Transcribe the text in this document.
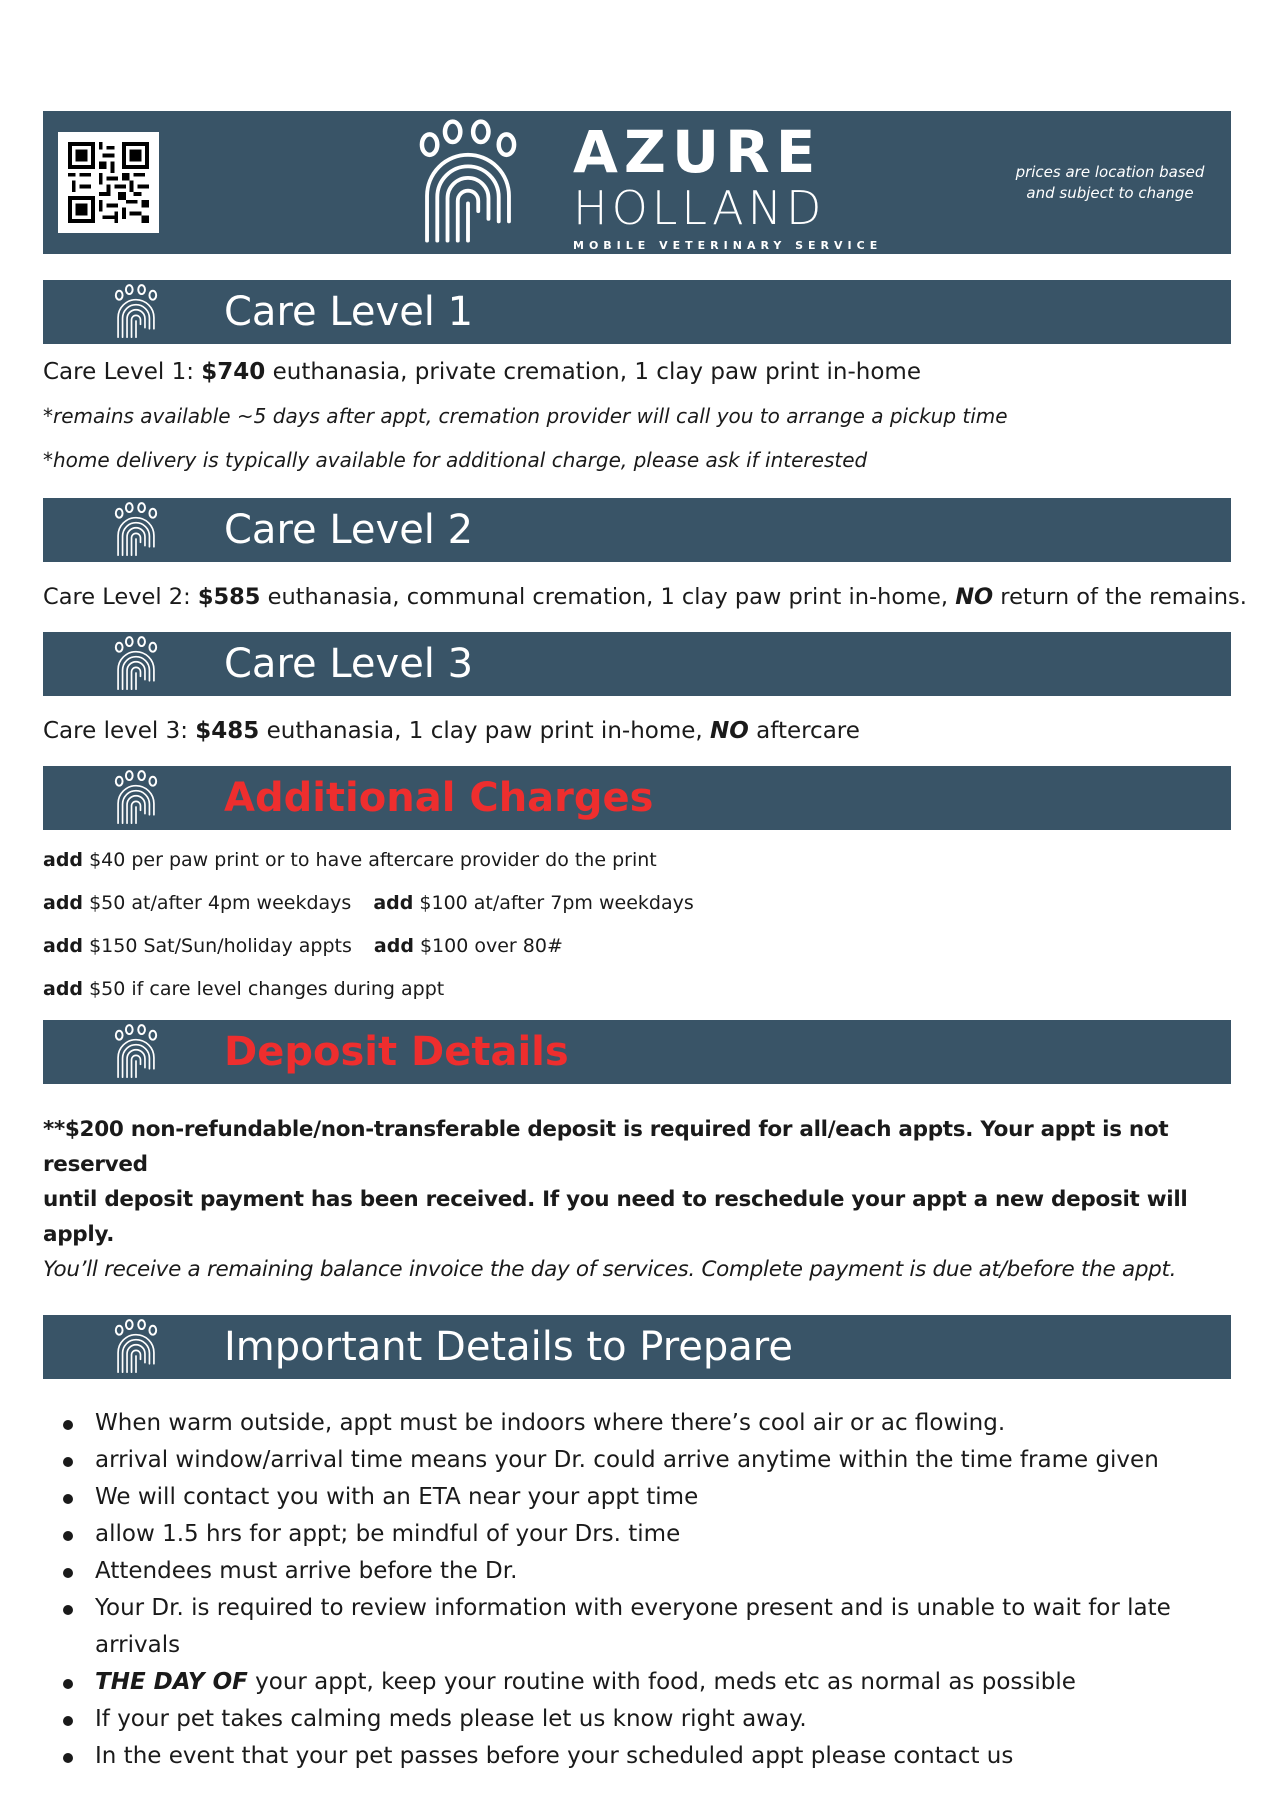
AZURE
HOLLAND
MOBILE VETERINARY SERVICE
prices are location based
and subject to change
Care Level 1
Care Level 1: $740 euthanasia, private cremation, 1 clay paw print in-home
*remains available ~5 days after appt, cremation provider will call you to arrange a pickup time
*home delivery is typically available for additional charge, please ask if interested
Care Level 2
Care Level 2: $585 euthanasia, communal cremation, 1 clay paw print in-home, NO return of the remains.
Care Level 3
Care level 3: $485 euthanasia, 1 clay paw print in-home, NO aftercare
Additional Charges
add $40 per paw print or to have aftercare provider do the print
add $50 at/after 4pm weekdays add $100 at/after 7pm weekdays
add $150 Sat/Sun/holiday appts add $100 over 80#
add $50 if care level changes during appt
Deposit Details
**$200 non-refundable/non-transferable deposit is required for all/each appts. Your appt is not reserved
until deposit payment has been received. If you need to reschedule your appt a new deposit will apply.
You’ll receive a remaining balance invoice the day of services. Complete payment is due at/before the appt.
Important Details to Prepare
When warm outside, appt must be indoors where there’s cool air or ac flowing.
arrival window/arrival time means your Dr. could arrive anytime within the time frame given
We will contact you with an ETA near your appt time
allow 1.5 hrs for appt; be mindful of your Drs. time
Attendees must arrive before the Dr.
Your Dr. is required to review information with everyone present and is unable to wait for late arrivals
THE DAY OF your appt, keep your routine with food, meds etc as normal as possible
If your pet takes calming meds please let us know right away.
In the event that your pet passes before your scheduled appt please contact us
